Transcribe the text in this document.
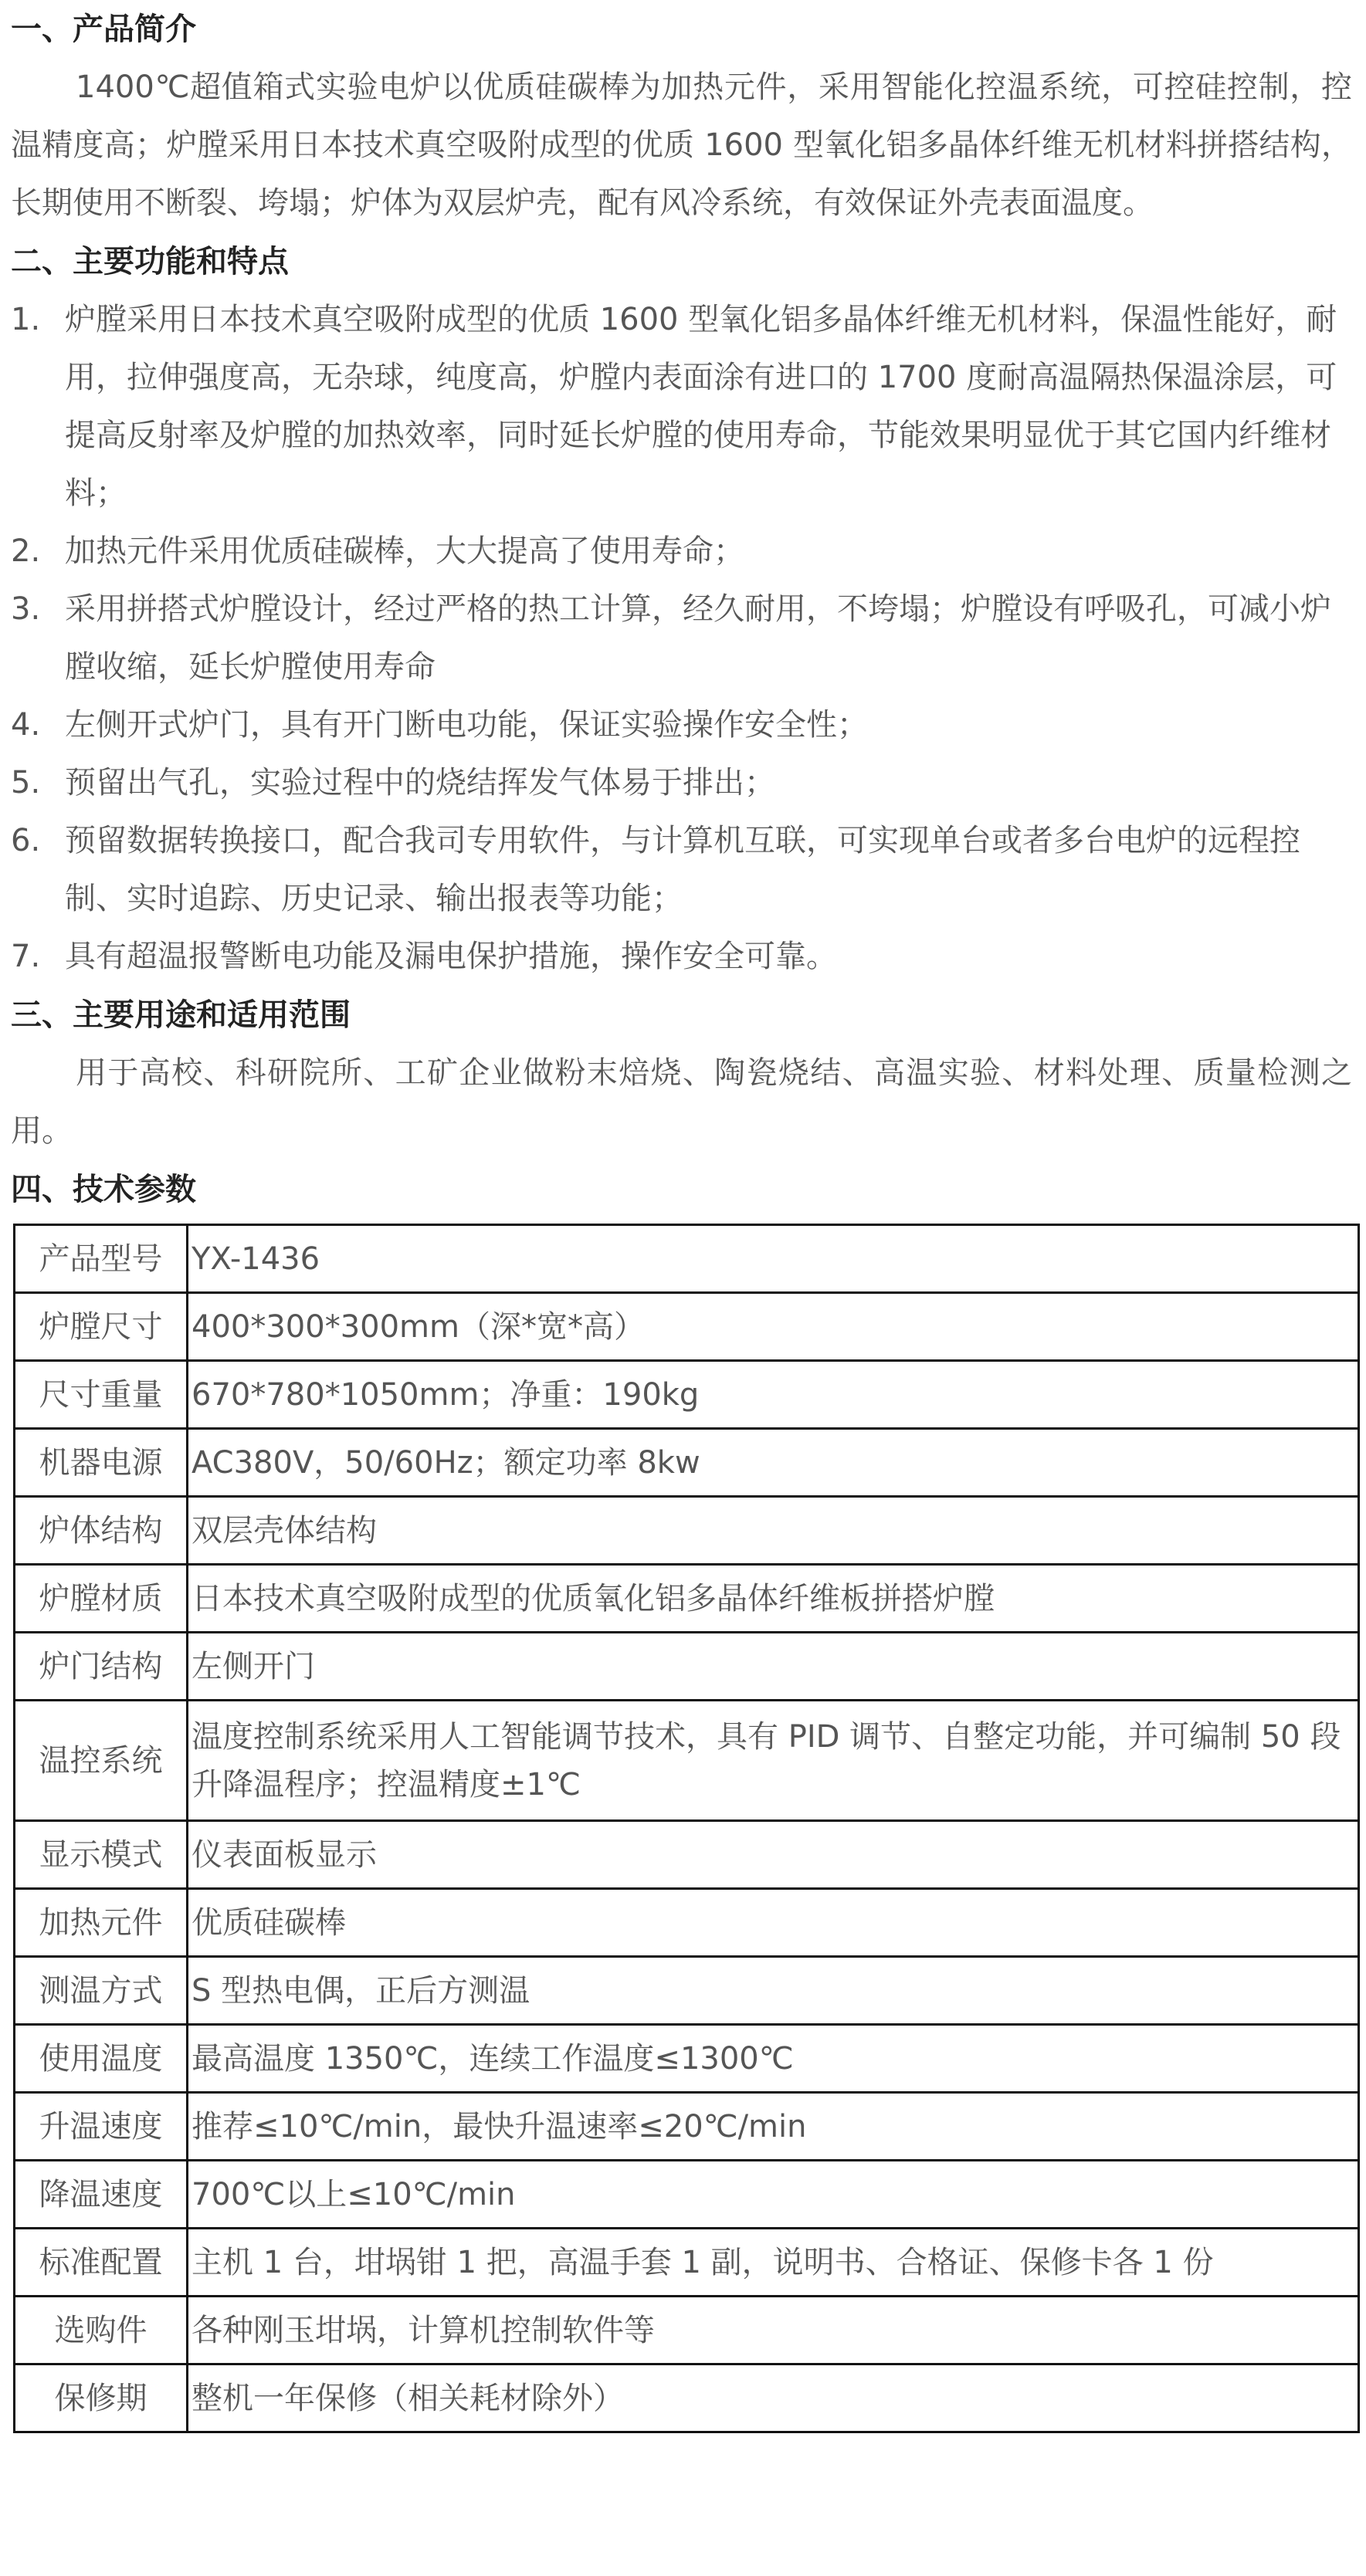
一、产品简介

1400℃超值箱式实验电炉以优质硅碳棒为加热元件，采用智能化控温系统，可控硅控制，控温精度高；炉膛采用日本技术真空吸附成型的优质 1600 型氧化铝多晶体纤维无机材料拼搭结构，长期使用不断裂、垮塌；炉体为双层炉壳，配有风冷系统，有效保证外壳表面温度。

二、主要功能和特点
1. 炉膛采用日本技术真空吸附成型的优质 1600 型氧化铝多晶体纤维无机材料，保温性能好，耐用，拉伸强度高，无杂球，纯度高，炉膛内表面涂有进口的 1700 度耐高温隔热保温涂层，可提高反射率及炉膛的加热效率，同时延长炉膛的使用寿命，节能效果明显优于其它国内纤维材料；
2. 加热元件采用优质硅碳棒，大大提高了使用寿命；
3. 采用拼搭式炉膛设计，经过严格的热工计算，经久耐用，不垮塌；炉膛设有呼吸孔，可减小炉膛收缩，延长炉膛使用寿命
4. 左侧开式炉门，具有开门断电功能，保证实验操作安全性；
5. 预留出气孔，实验过程中的烧结挥发气体易于排出；
6. 预留数据转换接口，配合我司专用软件，与计算机互联，可实现单台或者多台电炉的远程控制、实时追踪、历史记录、输出报表等功能；
7. 具有超温报警断电功能及漏电保护措施，操作安全可靠。
三、主要用途和适用范围

用于高校、科研院所、工矿企业做粉末焙烧、陶瓷烧结、高温实验、材料处理、质量检测之用。

四、技术参数
产品型号	YX-1436
炉膛尺寸	400*300*300mm（深*宽*高）
尺寸重量	670*780*1050mm；净重：190kg
机器电源	AC380V，50/60Hz；额定功率 8kw
炉体结构	双层壳体结构
炉膛材质	日本技术真空吸附成型的优质氧化铝多晶体纤维板拼搭炉膛
炉门结构	左侧开门
温控系统	温度控制系统采用人工智能调节技术，具有 PID 调节、自整定功能，并可编制 50 段升降温程序；控温精度±1℃
显示模式	仪表面板显示
加热元件	优质硅碳棒
测温方式	S 型热电偶，正后方测温
使用温度	最高温度 1350℃，连续工作温度≤1300℃
升温速度	推荐≤10℃/min，最快升温速率≤20℃/min
降温速度	700℃以上≤10℃/min
标准配置	主机 1 台，坩埚钳 1 把，高温手套 1 副，说明书、合格证、保修卡各 1 份
选购件	各种刚玉坩埚，计算机控制软件等
保修期	整机一年保修（相关耗材除外）
